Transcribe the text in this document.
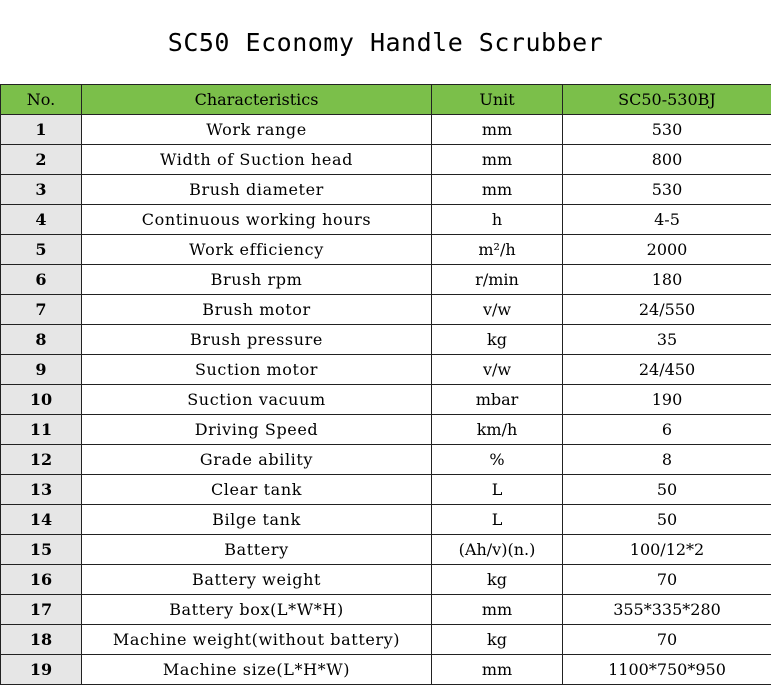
SC50 Economy Handle Scrubber
No.	Characteristics	Unit	SC50-530BJ
1	Work range	mm	530
2	Width of Suction head	mm	800
3	Brush diameter	mm	530
4	Continuous working hours	h	4-5
5	Work efficiency	m²/h	2000
6	Brush rpm	r/min	180
7	Brush motor	v/w	24/550
8	Brush pressure	kg	35
9	Suction motor	v/w	24/450
10	Suction vacuum	mbar	190
11	Driving Speed	km/h	6
12	Grade ability	%	8
13	Clear tank	L	50
14	Bilge tank	L	50
15	Battery	(Ah/v)(n.)	100/12*2
16	Battery weight	kg	70
17	Battery box(L*W*H)	mm	355*335*280
18	Machine weight(without battery)	kg	70
19	Machine size(L*H*W)	mm	1100*750*950
